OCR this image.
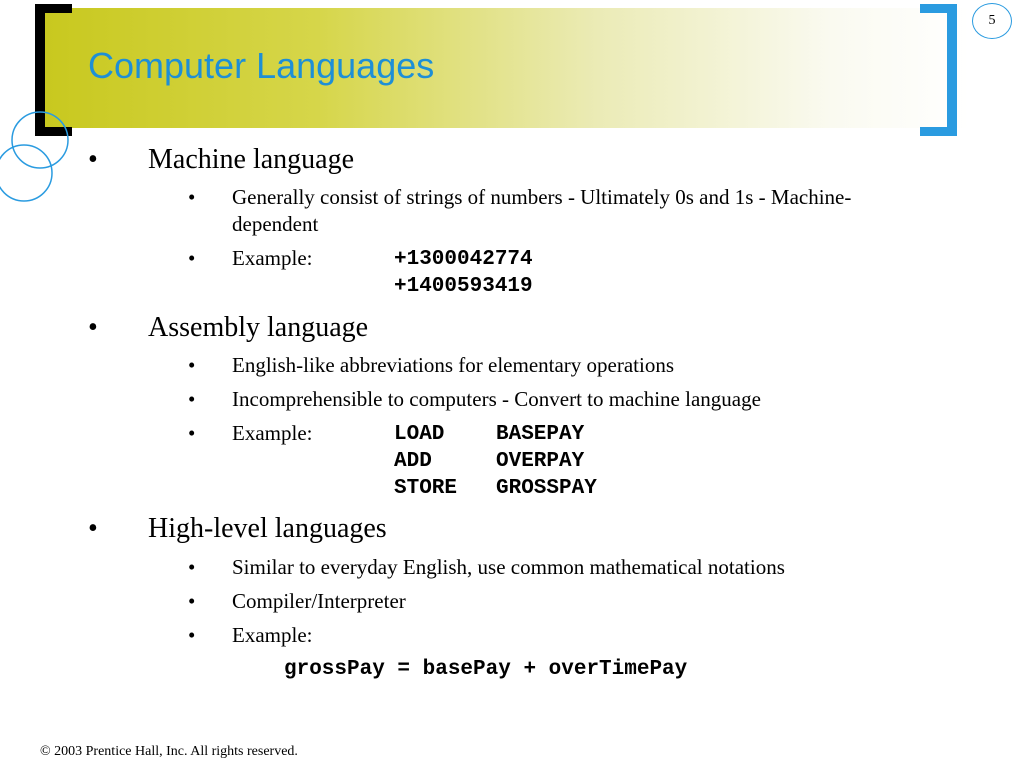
Computer Languages
5
• Machine language
• Generally consist of strings of numbers - Ultimately 0s and 1s - Machine-dependent
• Example:	+1300042774
+1400593419
• Assembly language
• English-like abbreviations for elementary operations
• Incomprehensible to computers - Convert to machine language
• Example:	LOAD BASEPAY
ADD	OVERPAY
STORE GROSSPAY
• High-level languages
• Similar to everyday English, use common mathematical notations
• Compiler/Interpreter
• Example:
grossPay = basePay + overTimePay
© 2003 Prentice Hall, Inc. All rights reserved.
